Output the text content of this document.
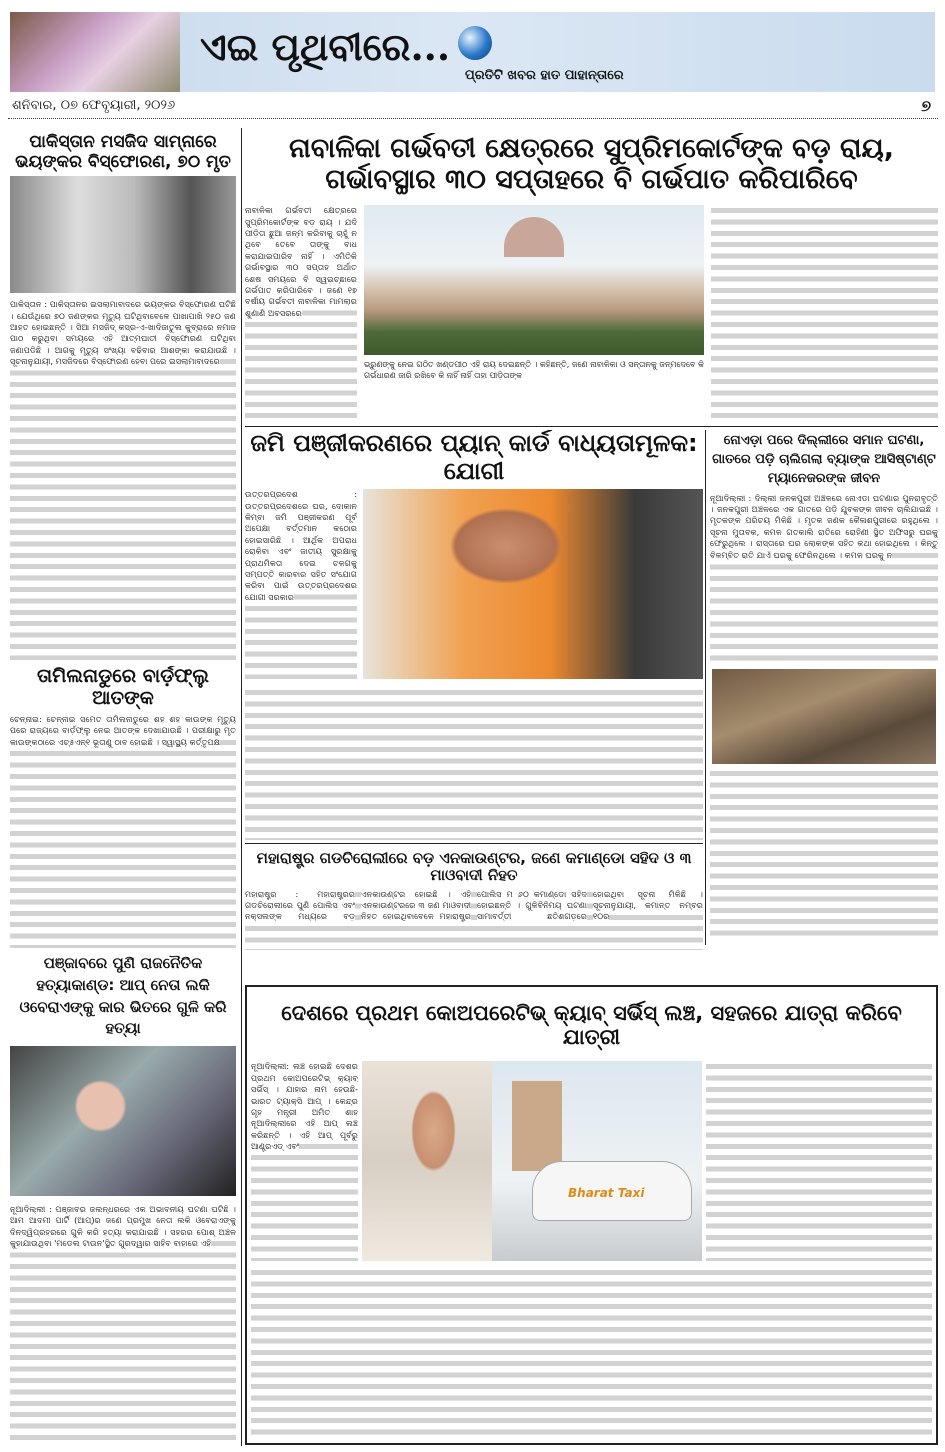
ଏଇ ପୃଥିବୀରେ...
ପ୍ରତିଟି ଖବର ହାତ ପାହାନ୍ତାରେ
ଶନିବାର, ୦୭ ଫେବୃୟାରୀ, ୨୦୨୬	୭
ପାକିସ୍ତାନ ମସଜିଦ ସାମ୍ନାରେ ଭୟଙ୍କର ବିସ୍ଫୋରଣ, ୭୦ ମୃତ
ପାକିସ୍ତାନ : ପାକିସ୍ତାନର ଇସଲାମାବାଦରେ ଭୟଙ୍କର ବିସ୍ଫୋରଣ ଘଟିଛି । ଯେଉଁଥିରେ ୭୦ ଜଣଙ୍କର ମୃତ୍ୟୁ ଘଟିଥିବାବେଳେ ପାଖାପାଖି ୨୫୦ ଜଣ ଆହତ ହୋଇଛନ୍ତି । ସିଆ ମସଜିଦ୍ କସ୍ର-ଏ-ଖାଦିଜାତୁଲ କୁବ୍ରାରେ ନମାଜ ପାଠ କରୁଥିବା ସମୟରେ ଏହି ଆତ୍ମଘାତୀ ବିସ୍ଫୋରଣ ଘଟିଥିବା ଜଣାପଡିଛି । ଆଗକୁ ମୃତ୍ୟୁ ସଂଖ୍ୟା ବଢିବାର ଆଶଙ୍କା କରାଯାଉଛି । ସୂଚନାନୁଯାୟୀ, ମସଜିଦରେ ବିସ୍ଫୋରଣ ହେବା ପରେ ଇସଲାମାବାଦରେ
ତାମିଲନାଡୁରେ ବାର୍ଡ଼ଫ୍ଲୁ ଆତଙ୍କ
ଚେନ୍ନାଇ: ଚେନ୍ନାଇ ସମେତ ତାମିଲନାଡୁରେ ଶହ ଶହ କାଉଙ୍କ ମୃତ୍ୟୁ ପରେ ରାଜ୍ୟରେ ବାର୍ଡ଼ଫ୍ଲୁ ନେଇ ଆତଙ୍କ ଦେଖାଯାଉଛି । ପରୀକ୍ଷାରୁ ମୃତ କାଉଙ୍କଠାରେ ଏଚ୍୫ଏନ୍୧ ଭୂତାଣୁ ଠାବ ହୋଇଛି । ସ୍ୱାସ୍ଥ୍ୟ କର୍ତ୍ତୃପକ୍ଷ
ପଞ୍ଜାବରେ ପୁଣି ରାଜନୈତିକ ହତ୍ୟାକାଣ୍ଡ: ଆପ୍ ନେତା ଲକି ଓବେରାଏଙ୍କୁ କାର ଭିତରେ ଗୁଳି କରି ହତ୍ୟା
ନୂଆଦିଲ୍ଲୀ : ପଞ୍ଜାବର ଜଲନ୍ଧରରେ ଏକ ଅଭାବନୀୟ ଘଟଣା ଘଟିଛି । ଆମ ଆଦମୀ ପାର୍ଟି (ଆପ୍)ର ଜଣେ ପ୍ରମୁଖ ନେତା ଲକି ଓବେରାଏଙ୍କୁ ଦିନଦ୍ୱିପ୍ରହରରେ ଗୁଳି କରି ହତ୍ୟା କରାଯାଇଛି । ସହରର ପୋଶ୍ ଅଞ୍ଚଳ କୁହାଯାଉଥିବା 'ମଡେଲ ଟାଉନ'ସ୍ଥିତ ଗୁରଦ୍ୱାର ସାହିବ ବାହାରେ ଏହି
ନାବାଳିକା ଗର୍ଭବତୀ କ୍ଷେତ୍ରରେ ସୁପ୍ରିମକୋର୍ଟଙ୍କ ବଡ଼ ରାୟ,
ଗର୍ଭାବସ୍ଥାର ୩୦ ସପ୍ତାହରେ ବି ଗର୍ଭପାତ କରିପାରିବେ
ନାବାଳିକା ଗର୍ଭବତୀ କ୍ଷେତ୍ରରେ ସୁପ୍ରିମକୋର୍ଟଙ୍କ ବଡ଼ ରାୟ । ଯଦି ପୀଡ଼ିତା ଛୁଆ ଜନ୍ମ କରିବାକୁ ଚାହୁଁ ନ ଥିବେ ତେବେ ତାଙ୍କୁ ବାଧ କରାଯାଇପାରିବ ନାହିଁ । ଏମିତିକି ଗର୍ଭାବସ୍ଥାର ୩୦ ସପ୍ତାହ ଅର୍ଥାତ ଶେଷ ସମୟରେ ବି ସ୍ୱଇଚ୍ଛାରେ ଗର୍ଭପାତ କରିପାରିବେ । ଜଣେ ୧୭ ବର୍ଷୀୟ ଗର୍ଭବତୀ ନାବାଳିକା ମାମଲାର ଶୁଣାଣି ଅବସରରେ
ଭ୍ରୁଣଙ୍କୁ ନେଇ ଗଠିତ ଖଣ୍ଡପୀଠ ଏହି ରାୟ ଦେଇଛନ୍ତି । କହିଛନ୍ତି, ଜଣେ ନାବାଳିକା ଓ ସନ୍ତାନକୁ ଜନ୍ମଦେବେ କି ଗର୍ଭଧାରଣ ଜାରି ରଖିବେ କି ନାହିଁ ନାହିଁ ତାହା ପୀଡ଼ିତାଙ୍କ
ଜମି ପଞ୍ଜୀକରଣରେ ପ୍ୟାନ୍ କାର୍ଡ ବାଧ୍ୟତାମୂଳକ: ଯୋଗୀ
ଉତ୍ତରପ୍ରଦେଶ : ଉତ୍ତରପ୍ରଦେଶରେ ଘର, ଦୋକାନ କିମ୍ବା ଜମି ପଞ୍ଜୀକରଣ ପୂର୍ବ ଅପେକ୍ଷା ବର୍ତ୍ତମାନ କଠୋର ହୋଇସାରିଛି । ଆର୍ଥିକ ଅପରାଧ ରୋକିବା ଏବଂ ଜାତୀୟ ସୁରକ୍ଷାକୁ ପ୍ରାଥମିକତା ଦେଇ ଚଳଗକୁ ସମ୍ପତ୍ତି କାରବାର ସହିତ ସଂଯୋଗ କରିବା ପାଇଁ ଉତ୍ତରପ୍ରଦେଶର ଯୋଗୀ ସରକାର
ନୋଏଡ଼ା ପରେ ଦିଲ୍ଲୀରେ ସମାନ ଘଟଣା, ଗାତରେ ପଡ଼ି ଚାଲିଗଲା ବ୍ୟାଙ୍କ ଆସିଷ୍ଟାଣ୍ଟ ମ୍ୟାନେଜରଙ୍କ ଜୀବନ
ନୂଆଦିଲ୍ଲୀ : ଦିଲ୍ଲୀ ଜନକପୁରୀ ଅଞ୍ଚଳରେ ନୋଏଡା ଘଟଣାର ପୁନରାବୃତ୍ତି । ଜନକପୁରୀ ଅଞ୍ଚଳରେ ଏକ ଗାତରେ ପଡ଼ି ଯୁବକଙ୍କ ଜୀବନ ଚାଲିଯାଇଛି । ମୃତକଙ୍କ ପରିଚୟ ମିଳିଛି । ମୃତକ ଜଣକ କୈଳାଶପୁରୀରେ ରହୁଥିଲେ । ସୂଚନା ମୁତାବକ, କମଳ ଗତକାଲି ରାତିରେ ରୋହିଣୀ ସ୍ଥିତ ଅଫିସରୁ ଘରକୁ ଫେରୁଥିଲେ । ରାସ୍ତାରେ ଘର ଲୋକଙ୍କ ସହିତ କଥା ହୋଇଥିଲେ । କିନ୍ତୁ ବିଳମ୍ବିତ ରାତି ଯାଏଁ ଘରକୁ ଫେରିନଥିଲେ । କମଳ ଘରକୁ ନ
ମହାରାଷ୍ଟ୍ର ଗଡଚିରୋଲୀରେ ବଡ଼ ଏନକାଉଣ୍ଟର, ଜଣେ କମାଣ୍ଡୋ ସହିଦ ଓ ୩ ମାଓବାଦୀ ନିହତ
ମହାରାଷ୍ଟ୍ର : ମହାରାଷ୍ଟ୍ରର ଗଡଚିରୋଲୀରେ ପୁଣି ପୋଲିସ ଏବଂ ନକ୍ସଲଙ୍କ ମଧ୍ୟରେ ବଡ଼ ଏନକାଉଣ୍ଟର ହୋଇଛି । ଏହି ଏନକାଉଣ୍ଟରରେ ୩ ଜଣ ମାଓବାଦୀ ନିହତ ହୋଇଥିବାବେଳେ ମହାରାଷ୍ଟ୍ର ପୋଲିସ ମ ୬୦ କମାଣ୍ଡୋ ସହିଦ ହୋଇଛନ୍ତି । ଗୁଳିବିନିମୟ ଘଟଣା ସାମାବର୍ତ୍ତୀ ଛତିଶଗଡ଼ରେ ହୋଇଥିବା ସୂଚନା ମିଳିଛି । ସୂଚନାନୁଯାୟୀ, କମାନ୍ତ ନମ୍ବର ୧୦ର
ଦେଶରେ ପ୍ରଥମ କୋଅପରେଟିଭ୍ କ୍ୟାବ୍ ସର୍ଭିସ୍ ଲଞ୍ଚ, ସହଜରେ ଯାତ୍ରା କରିବେ ଯାତ୍ରୀ
ନୂଆଦିଲ୍ଲୀ: ଲଞ୍ଚ ହୋଇଛି ଦେଶର ପ୍ରଥମ କୋଅପରେଟିଭ୍ କ୍ୟାବ୍ ସର୍ଭିସ୍ । ଯାହାର ନାମ ହେଉଛି- ଭାରତ ଟ୍ୟାକ୍ସି ଆପ୍ । କେନ୍ଦ୍ର ଗୃହ ମନ୍ତ୍ରୀ ଅମିତ ଶାହ ନୂଆଦିଲ୍ଲୀରେ ଏହି ଆପ୍ ଲଞ୍ଚ କରିଛନ୍ତି । ଏହି ଆପ୍ ପୂର୍ବରୁ ଆଣ୍ଡ୍ରଏଡ୍ ଏବଂ
Bharat Taxi
